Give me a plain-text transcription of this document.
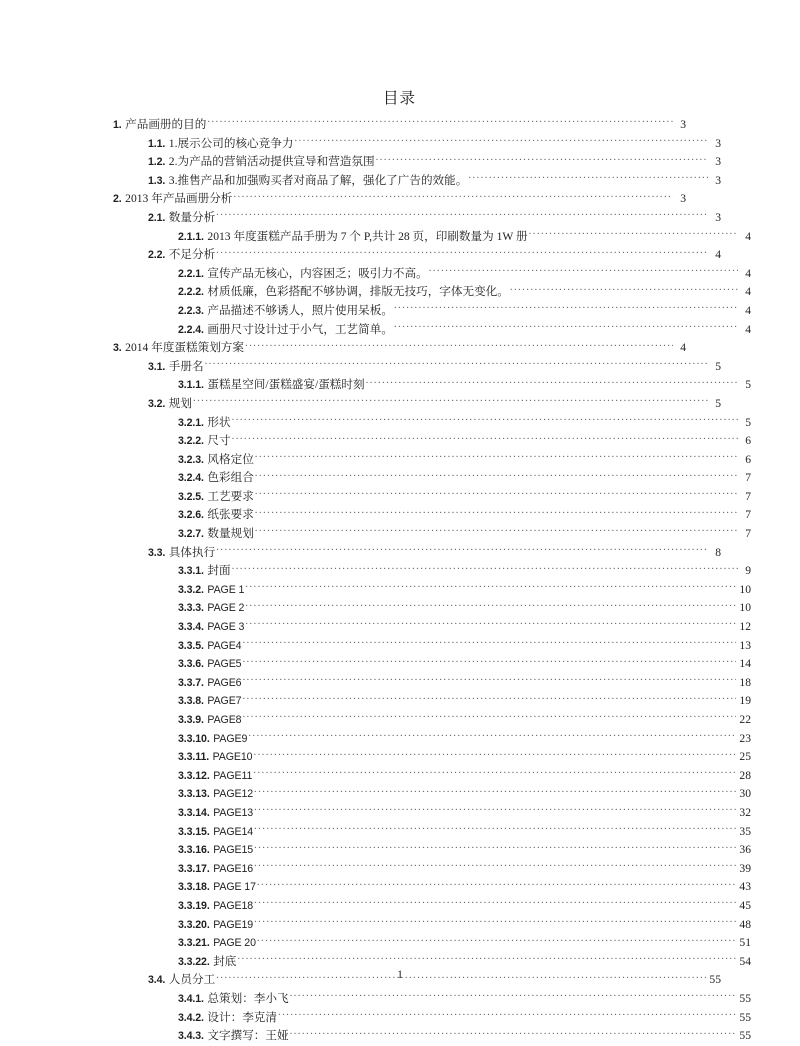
目录
1. 产品画册的目的 .....	3
1.1. 1.展示公司的核心竞争力 .....	3
1.2. 2.为产品的营销活动提供宣导和营造氛围 .....	3
1.3. 3.推售产品和加强购买者对商品了解，强化了广告的效能。 .....	3
2. 2013 年产品画册分析 .....	3
2.1. 数量分析 .....	3
2.1.1. 2013 年度蛋糕产品手册为 7 个 P,共计 28 页，印刷数量为 1W 册 .....	4
2.2. 不足分析 .....	4
2.2.1. 宣传产品无核心，内容困乏；吸引力不高。 .....	4
2.2.2. 材质低廉，色彩搭配不够协调，排版无技巧，字体无变化。 .....	4
2.2.3. 产品描述不够诱人，照片使用呆板。 .....	4
2.2.4. 画册尺寸设计过于小气，工艺简单。 .....	4
3. 2014 年度蛋糕策划方案 .....	4
3.1. 手册名 .....	5
3.1.1. 蛋糕星空间/蛋糕盛宴/蛋糕时刻 .....	5
3.2. 规划 .....	5
3.2.1. 形状 .....	5
3.2.2. 尺寸 .....	6
3.2.3. 风格定位 .....	6
3.2.4. 色彩组合 .....	7
3.2.5. 工艺要求 .....	7
3.2.6. 纸张要求 .....	7
3.2.7. 数量规划 .....	7
3.3. 具体执行 .....	8
3.3.1. 封面 .....	9
3.3.2. PAGE 1 .....	10
3.3.3. PAGE 2 .....	10
3.3.4. PAGE 3 .....	12
3.3.5. PAGE4 .....	13
3.3.6. PAGE5 .....	14
3.3.7. PAGE6 .....	18
3.3.8. PAGE7 .....	19
3.3.9. PAGE8 .....	22
3.3.10. PAGE9 .....	23
3.3.11. PAGE10 .....	25
3.3.12. PAGE11 .....	28
3.3.13. PAGE12 .....	30
3.3.14. PAGE13 .....	32
3.3.15. PAGE14 .....	35
3.3.16. PAGE15 .....	36
3.3.17. PAGE16 .....	39
3.3.18. PAGE 17 .....	43
3.3.19. PAGE18 .....	45
3.3.20. PAGE19 .....	48
3.3.21. PAGE 20 .....	51
3.3.22. 封底 .....	54
3.4. 人员分工 .....	55
3.4.1. 总策划：李小飞 .....	55
3.4.2. 设计：李克清 .....	55
3.4.3. 文字撰写：王娅 .....	55
1
